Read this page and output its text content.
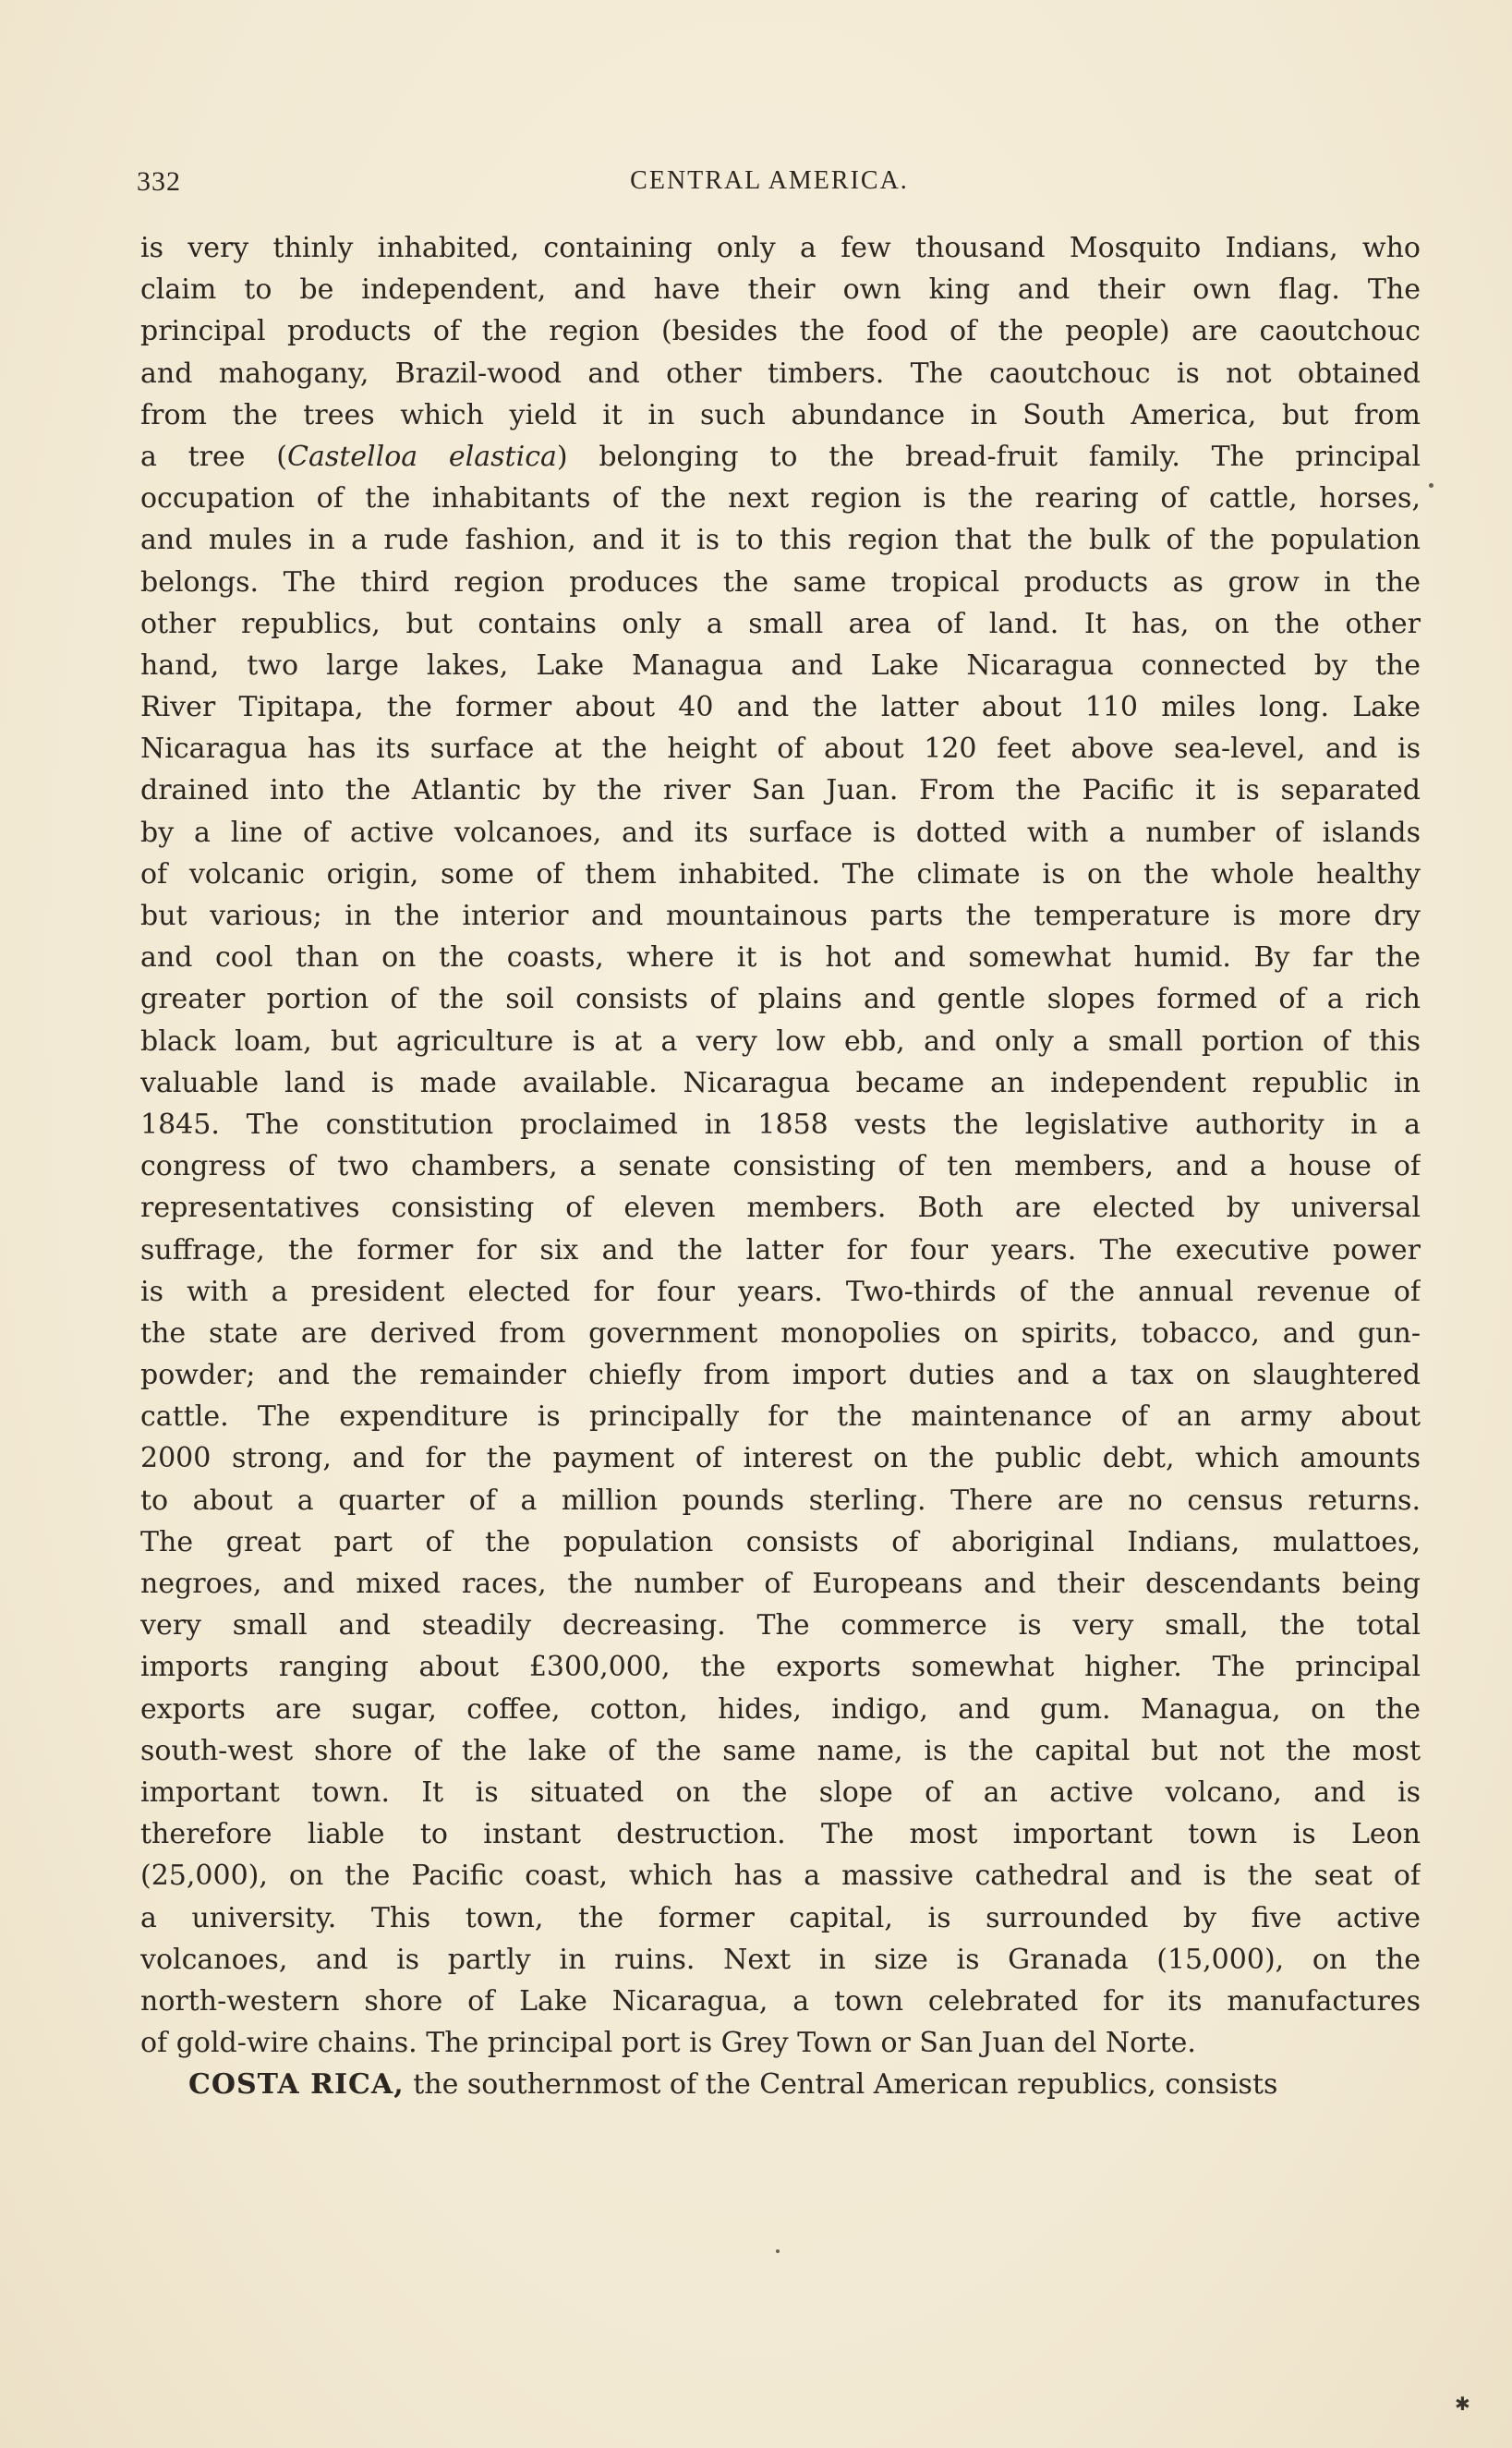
332	CENTRAL AMERICA.
is very thinly inhabited, containing only a few thousand Mosquito Indians, who
claim to be independent, and have their own king and their own flag. The
principal products of the region (besides the food of the people) are caoutchouc
and mahogany, Brazil-wood and other timbers. The caoutchouc is not obtained
from the trees which yield it in such abundance in South America, but from
a tree (Castelloa elastica) belonging to the bread-fruit family. The principal
occupation of the inhabitants of the next region is the rearing of cattle, horses,
and mules in a rude fashion, and it is to this region that the bulk of the population
belongs. The third region produces the same tropical products as grow in the
other republics, but contains only a small area of land. It has, on the other
hand, two large lakes, Lake Managua and Lake Nicaragua connected by the
River Tipitapa, the former about 40 and the latter about 110 miles long. Lake
Nicaragua has its surface at the height of about 120 feet above sea-level, and is
drained into the Atlantic by the river San Juan. From the Pacific it is separated
by a line of active volcanoes, and its surface is dotted with a number of islands
of volcanic origin, some of them inhabited. The climate is on the whole healthy
but various; in the interior and mountainous parts the temperature is more dry
and cool than on the coasts, where it is hot and somewhat humid. By far the
greater portion of the soil consists of plains and gentle slopes formed of a rich
black loam, but agriculture is at a very low ebb, and only a small portion of this
valuable land is made available. Nicaragua became an independent republic in
1845. The constitution proclaimed in 1858 vests the legislative authority in a
congress of two chambers, a senate consisting of ten members, and a house of
representatives consisting of eleven members. Both are elected by universal
suffrage, the former for six and the latter for four years. The executive power
is with a president elected for four years. Two-thirds of the annual revenue of
the state are derived from government monopolies on spirits, tobacco, and gun-
powder; and the remainder chiefly from import duties and a tax on slaughtered
cattle. The expenditure is principally for the maintenance of an army about
2000 strong, and for the payment of interest on the public debt, which amounts
to about a quarter of a million pounds sterling. There are no census returns.
The great part of the population consists of aboriginal Indians, mulattoes,
negroes, and mixed races, the number of Europeans and their descendants being
very small and steadily decreasing. The commerce is very small, the total
imports ranging about £300,000, the exports somewhat higher. The principal
exports are sugar, coffee, cotton, hides, indigo, and gum. Managua, on the
south-west shore of the lake of the same name, is the capital but not the most
important town. It is situated on the slope of an active volcano, and is
therefore liable to instant destruction. The most important town is Leon
(25,000), on the Pacific coast, which has a massive cathedral and is the seat of
a university. This town, the former capital, is surrounded by five active
volcanoes, and is partly in ruins. Next in size is Granada (15,000), on the
north-western shore of Lake Nicaragua, a town celebrated for its manufactures
of gold-wire chains. The principal port is Grey Town or San Juan del Norte.
COSTA RICA, the southernmost of the Central American republics, consists
✱
